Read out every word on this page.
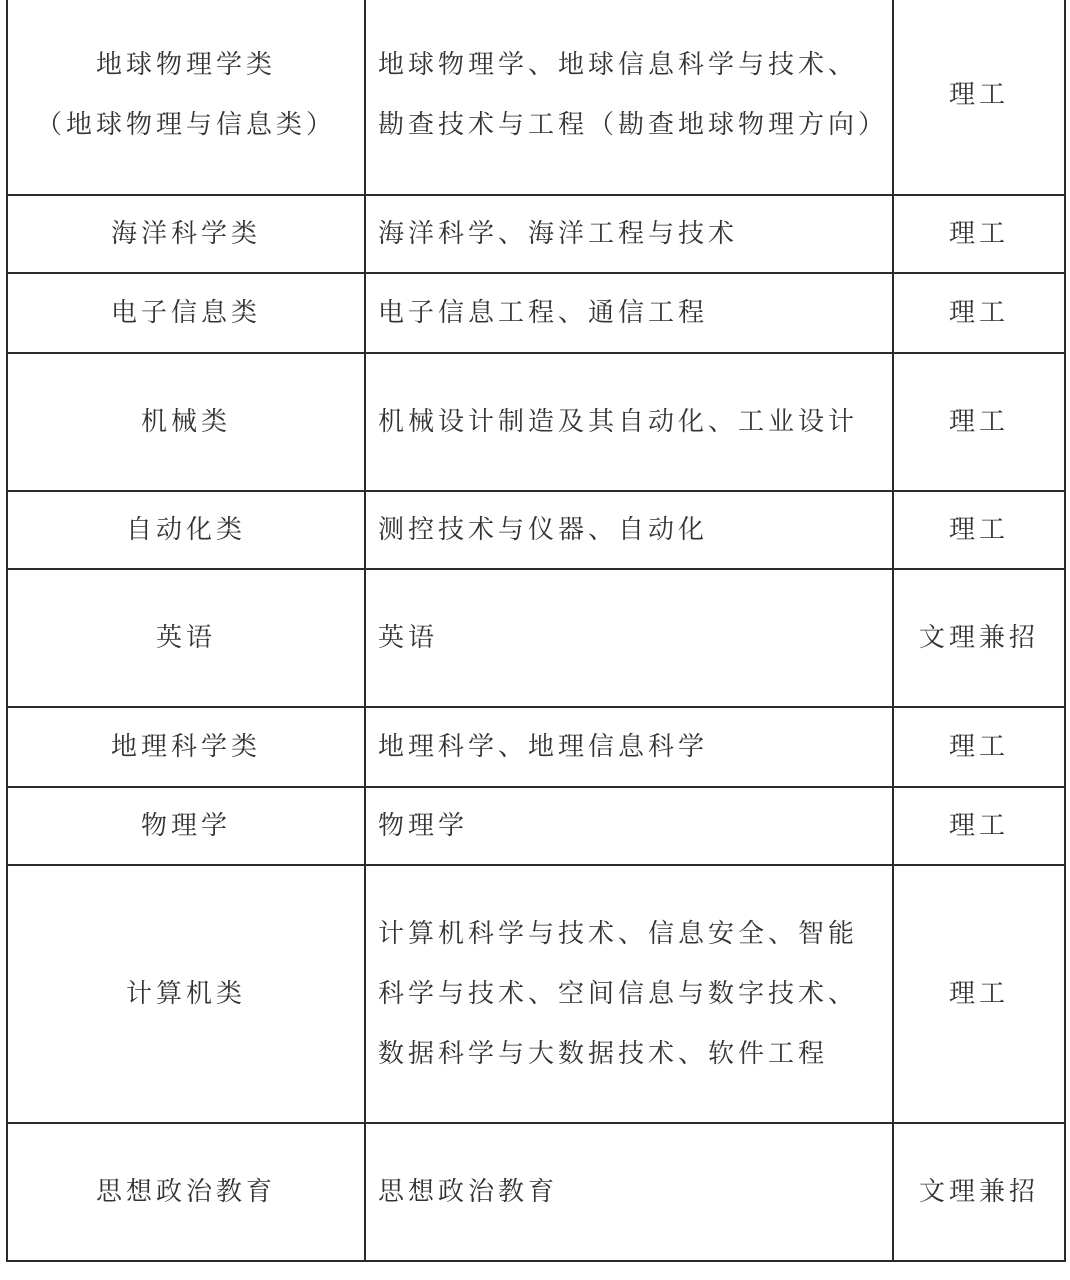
地球物理学类（地球物理与信息类）	地球物理学、地球信息科学与技术、勘查技术与工程（勘查地球物理方向）	理工
海洋科学类	海洋科学、海洋工程与技术	理工
电子信息类	电子信息工程、通信工程	理工
机械类	机械设计制造及其自动化、工业设计	理工
自动化类	测控技术与仪器、自动化	理工
英语	英语	文理兼招
地理科学类	地理科学、地理信息科学	理工
物理学	物理学	理工
计算机类	计算机科学与技术、信息安全、智能科学与技术、空间信息与数字技术、数据科学与大数据技术、软件工程	理工
思想政治教育	思想政治教育	文理兼招
